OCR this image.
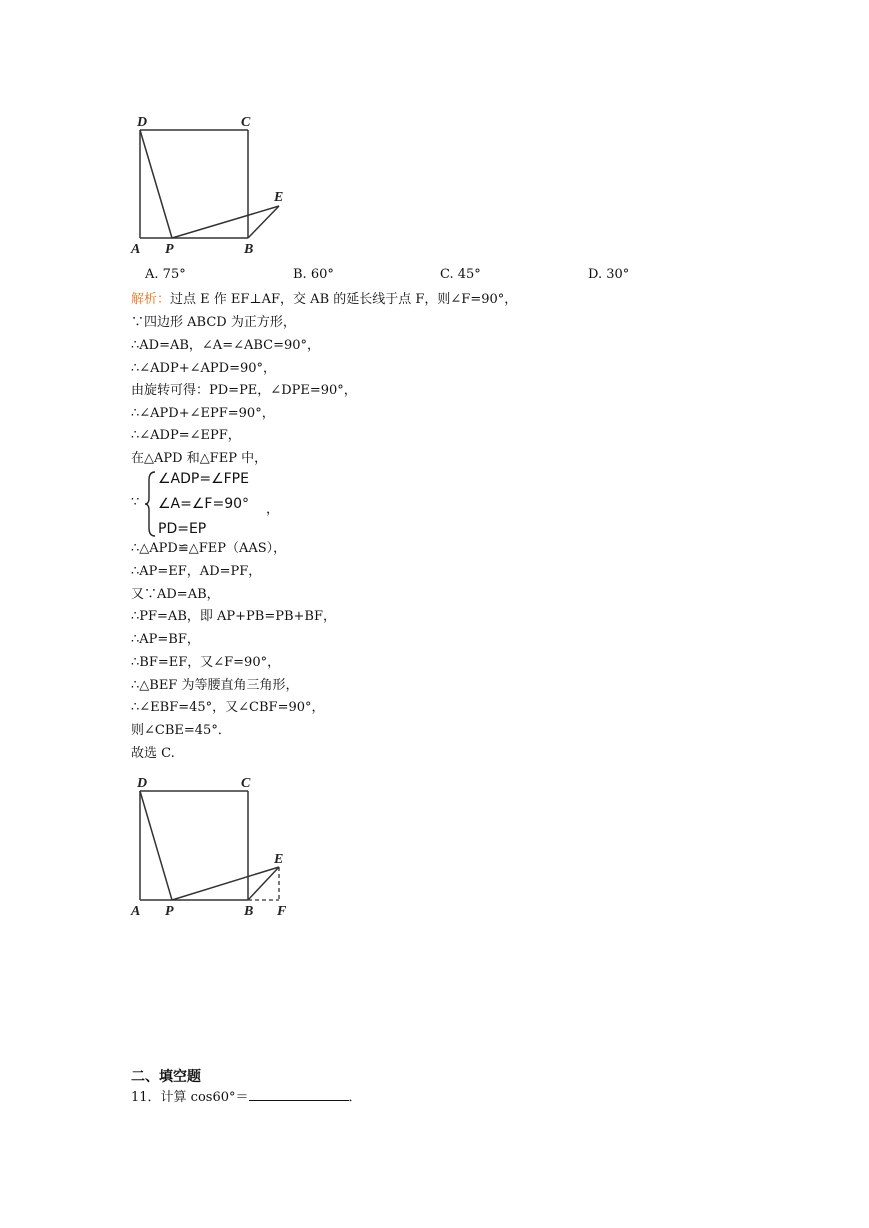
D	C
E
A P	B
A. 75°	B. 60°	C. 45°	D. 30°
解析：过点 E 作 EF⊥AF，交 AB 的延长线于点 F，则∠F=90°，
∵四边形 ABCD 为正方形，
∴AD=AB，∠A=∠ABC=90°，
∴∠ADP+∠APD=90°，
由旋转可得：PD=PE，∠DPE=90°，
∴∠APD+∠EPF=90°，
∴∠ADP=∠EPF，
在△APD 和△FEP 中，
∵
∠ADP=∠FPE
∠A=∠F=90°
PD=EP
，
∴△APD≌△FEP（AAS），
∴AP=EF，AD=PF，
又∵AD=AB，
∴PF=AB，即 AP+PB=PB+BF，
∴AP=BF，
∴BF=EF，又∠F=90°，
∴△BEF 为等腰直角三角形，
∴∠EBF=45°，又∠CBF=90°，
则∠CBE=45°．
故选 C.
D	C
E
A P	B F
二、填空题
11．计算 cos60°＝	．
